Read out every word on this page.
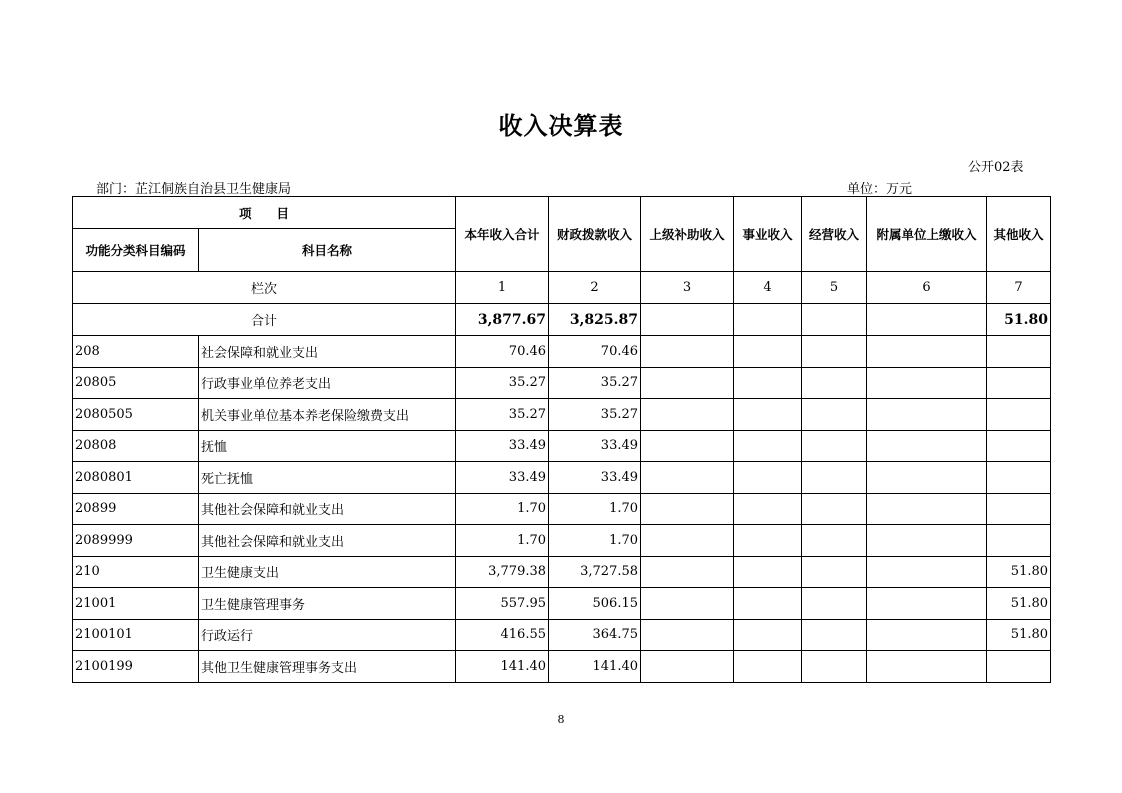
收入决算表
公开02表
部门：芷江侗族自治县卫生健康局	单位：万元
项　　目		本年收入合计	财政拨款收入	上级补助收入	事业收入	经营收入	附属单位上缴收入	其他收入
功能分类科目编码	科目名称							
栏次		1	2	3	4	5	6	7
合计		3,877.67	3,825.87					51.80
208	社会保障和就业支出	70.46	70.46					
20805	行政事业单位养老支出	35.27	35.27					
2080505	机关事业单位基本养老保险缴费支出	35.27	35.27					
20808	抚恤	33.49	33.49					
2080801	死亡抚恤	33.49	33.49					
20899	其他社会保障和就业支出	1.70	1.70					
2089999	其他社会保障和就业支出	1.70	1.70					
210	卫生健康支出	3,779.38	3,727.58					51.80
21001	卫生健康管理事务	557.95	506.15					51.80
2100101	行政运行	416.55	364.75					51.80
2100199	其他卫生健康管理事务支出	141.40	141.40					
8
